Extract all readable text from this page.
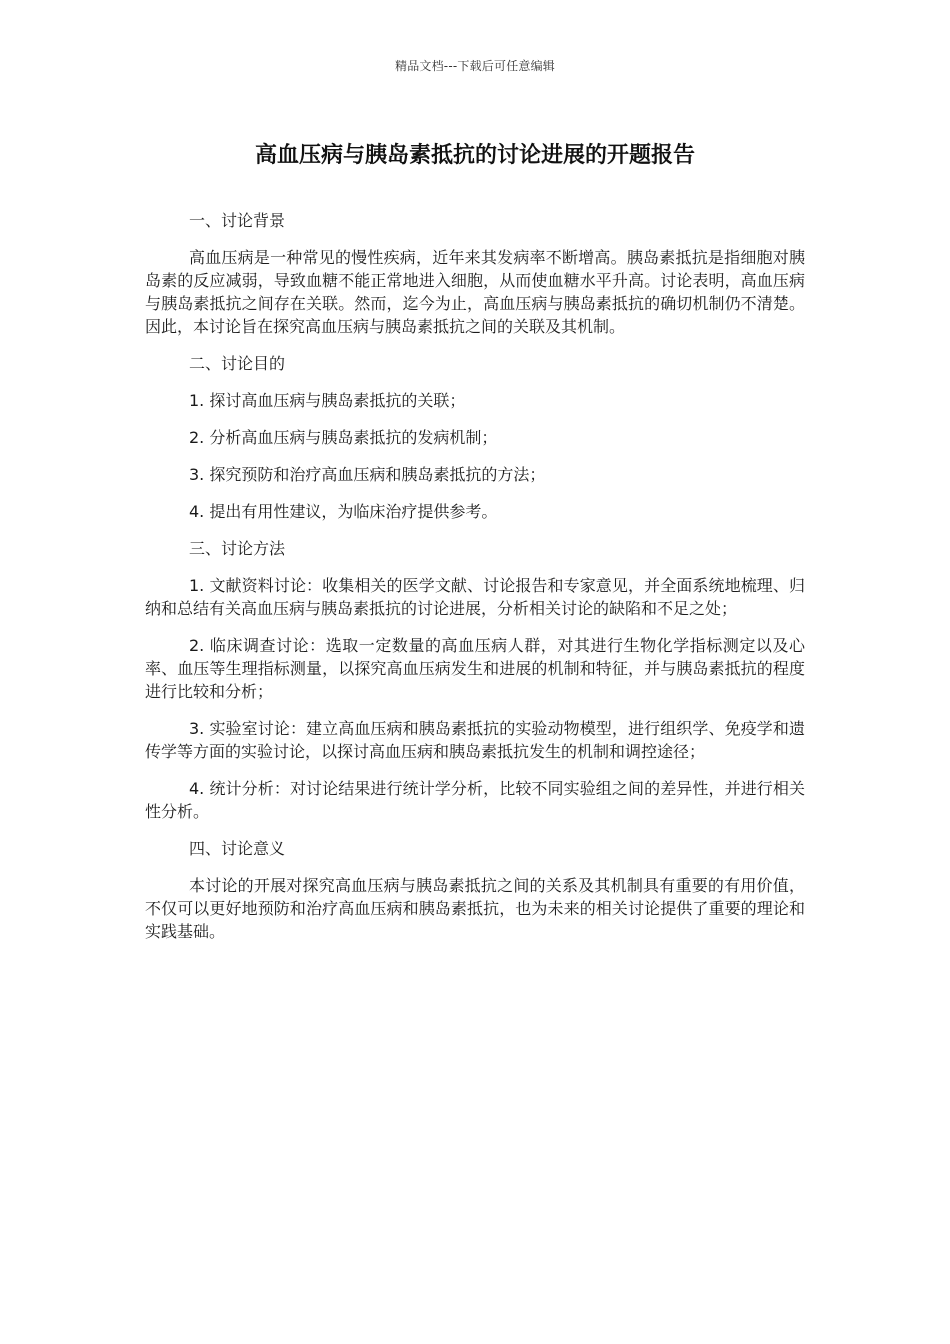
精品文档---下载后可任意编辑
高血压病与胰岛素抵抗的讨论进展的开题报告

一、讨论背景

高血压病是一种常见的慢性疾病，近年来其发病率不断增高。胰岛素抵抗是指细胞对胰岛素的反应减弱，导致血糖不能正常地进入细胞，从而使血糖水平升高。讨论表明，高血压病与胰岛素抵抗之间存在关联。然而，迄今为止，高血压病与胰岛素抵抗的确切机制仍不清楚。因此，本讨论旨在探究高血压病与胰岛素抵抗之间的关联及其机制。

二、讨论目的

1. 探讨高血压病与胰岛素抵抗的关联；

2. 分析高血压病与胰岛素抵抗的发病机制；

3. 探究预防和治疗高血压病和胰岛素抵抗的方法；

4. 提出有用性建议，为临床治疗提供参考。

三、讨论方法

1. 文献资料讨论：收集相关的医学文献、讨论报告和专家意见，并全面系统地梳理、归纳和总结有关高血压病与胰岛素抵抗的讨论进展，分析相关讨论的缺陷和不足之处；

2. 临床调查讨论：选取一定数量的高血压病人群，对其进行生物化学指标测定以及心率、血压等生理指标测量，以探究高血压病发生和进展的机制和特征，并与胰岛素抵抗的程度进行比较和分析；

3. 实验室讨论：建立高血压病和胰岛素抵抗的实验动物模型，进行组织学、免疫学和遗传学等方面的实验讨论，以探讨高血压病和胰岛素抵抗发生的机制和调控途径；

4. 统计分析：对讨论结果进行统计学分析，比较不同实验组之间的差异性，并进行相关性分析。

四、讨论意义

本讨论的开展对探究高血压病与胰岛素抵抗之间的关系及其机制具有重要的有用价值，不仅可以更好地预防和治疗高血压病和胰岛素抵抗，也为未来的相关讨论提供了重要的理论和实践基础。
